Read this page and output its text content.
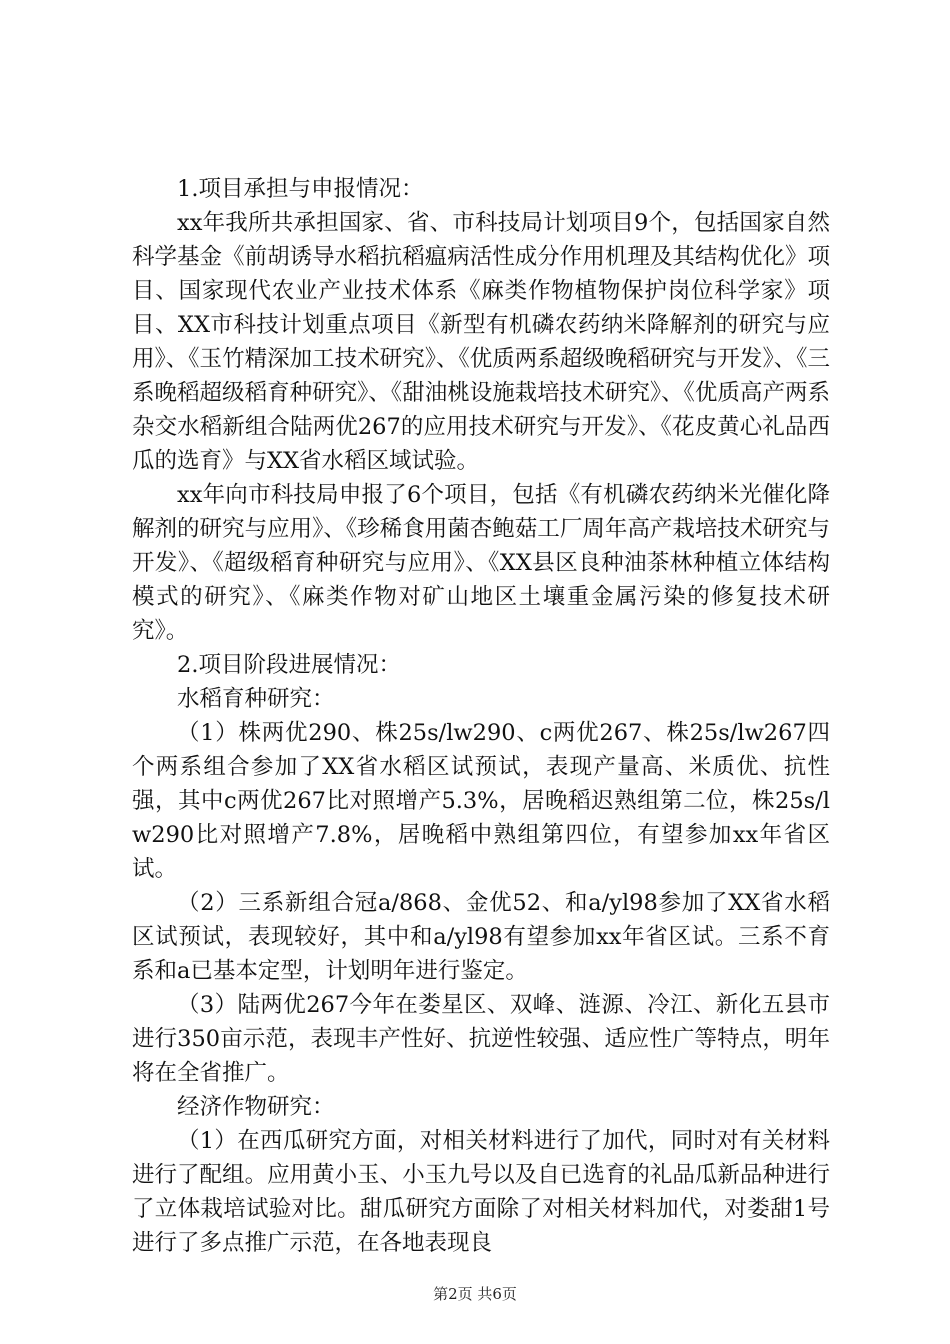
1.项目承担与申报情况：

xx年我所共承担国家、省、市科技局计划项目9个，包括国家自然科学基金《前胡诱导水稻抗稻瘟病活性成分作用机理及其结构优化》项目、国家现代农业产业技术体系《麻类作物植物保护岗位科学家》项目、XX市科技计划重点项目《新型有机磷农药纳米降解剂的研究与应用》、《玉竹精深加工技术研究》、《优质两系超级晚稻研究与开发》、《三系晚稻超级稻育种研究》、《甜油桃设施栽培技术研究》、《优质高产两系杂交水稻新组合陆两优267的应用技术研究与开发》、《花皮黄心礼品西瓜的选育》与XX省水稻区域试验。

xx年向市科技局申报了6个项目，包括《有机磷农药纳米光催化降解剂的研究与应用》、《珍稀食用菌杏鲍菇工厂周年高产栽培技术研究与开发》、《超级稻育种研究与应用》、《XX县区良种油茶林种植立体结构模式的研究》、《麻类作物对矿山地区土壤重金属污染的修复技术研究》。

2.项目阶段进展情况：

水稻育种研究：

（1）株两优290、株25s/lw290、c两优267、株25s/lw267四个两系组合参加了XX省水稻区试预试，表现产量高、米质优、抗性强，其中c两优267比对照增产5.3%，居晚稻迟熟组第二位，株25s/lw290比对照增产7.8%，居晚稻中熟组第四位，有望参加xx年省区试。

（2）三系新组合冠a/868、金优52、和a/yl98参加了XX省水稻区试预试，表现较好，其中和a/yl98有望参加xx年省区试。三系不育系和a已基本定型，计划明年进行鉴定。

（3）陆两优267今年在娄星区、双峰、涟源、冷江、新化五县市进行350亩示范，表现丰产性好、抗逆性较强、适应性广等特点，明年将在全省推广。

经济作物研究：

（1）在西瓜研究方面，对相关材料进行了加代，同时对有关材料进行了配组。应用黄小玉、小玉九号以及自已选育的礼品瓜新品种进行了立体栽培试验对比。甜瓜研究方面除了对相关材料加代，对娄甜1号进行了多点推广示范，在各地表现良

第2页 共6页
